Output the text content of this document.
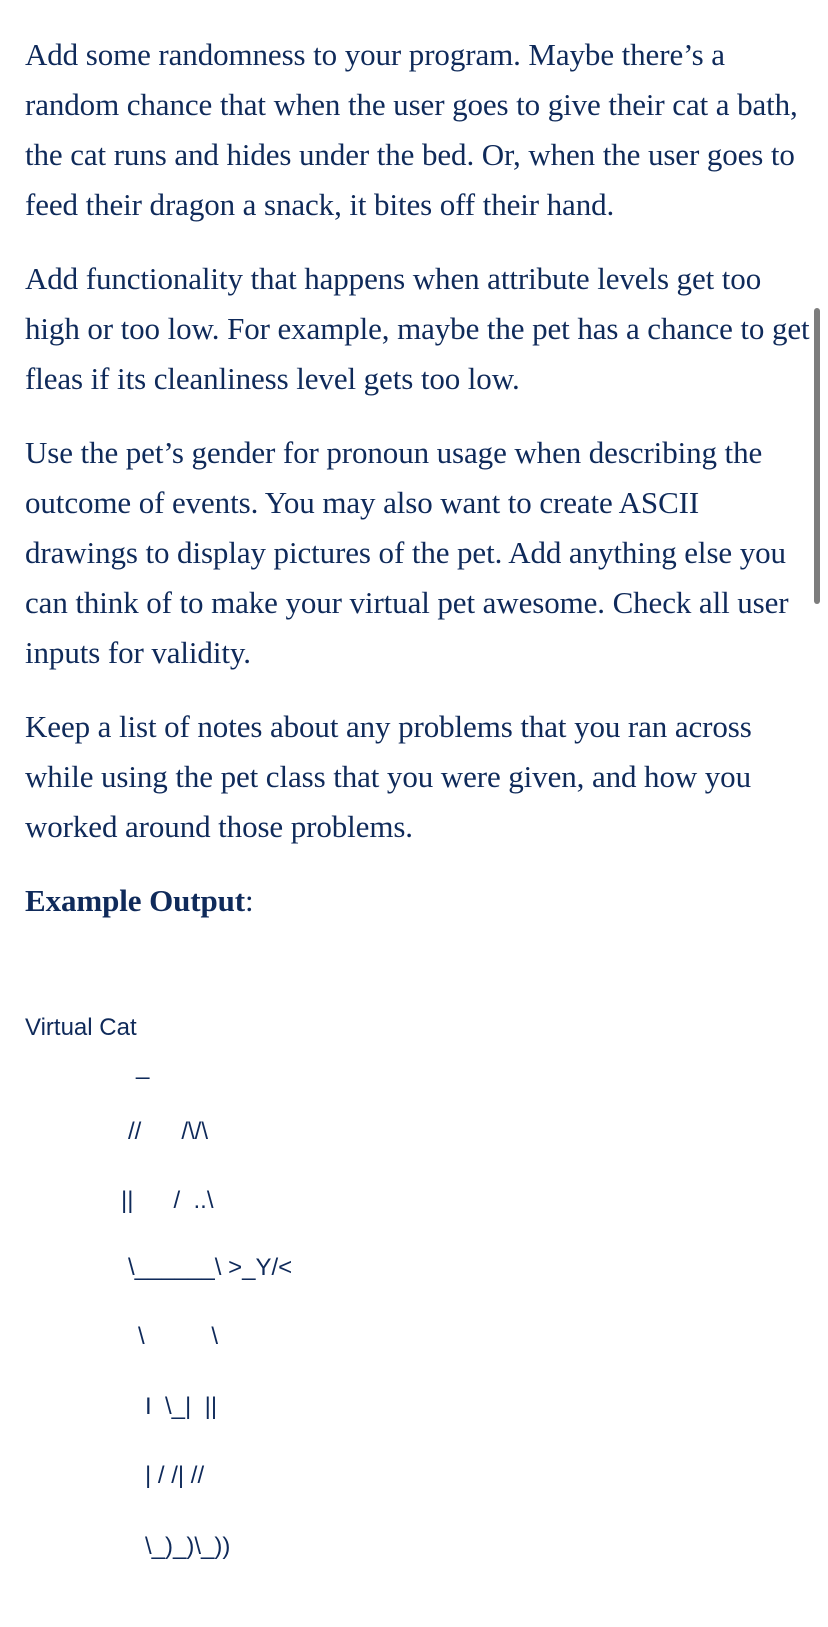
Add some randomness to your program. Maybe there’s a random chance that when the user goes to give their cat a bath, the cat runs and hides under the bed. Or, when the user goes to feed their dragon a snack, it bites off their hand.

Add functionality that happens when attribute levels get too high or too low. For example, maybe the pet has a chance to get fleas if its cleanliness level gets too low.

Use the pet’s gender for pronoun usage when describing the outcome of events. You may also want to create ASCII drawings to display pictures of the pet. Add anything else you can think of to make your virtual pet awesome. Check all user inputs for validity.

Keep a list of notes about any problems that you ran across while using the pet class that you were given, and how you worked around those problems.

Example Output:

Virtual Cat

_

//      /\/\

||      /  ..\

\______\ >_Y/<

\          \

I  \_|  ||

| / /| //

\_)_)\_))
